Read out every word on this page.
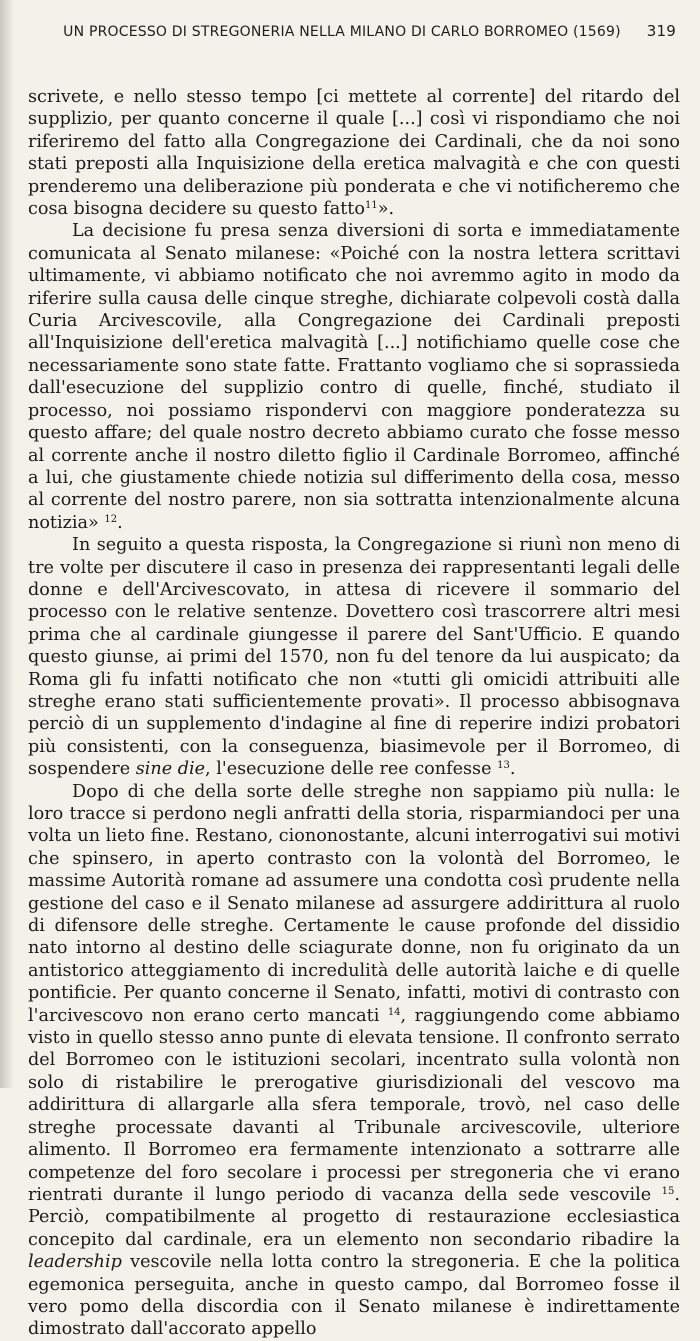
UN PROCESSO DI STREGONERIA NELLA MILANO DI CARLO BORROMEO (1569) 319

scrivete, e nello stesso tempo [ci mettete al corrente] del ritardo del supplizio, per quanto concerne il quale [...] così vi rispondiamo che noi riferiremo del fatto alla Congregazione dei Cardinali, che da noi sono stati preposti alla Inquisizione della eretica malvagità e che con questi prenderemo una deliberazione più ponderata e che vi notificheremo che cosa bisogna decidere su questo fatto$^{11}$».

La decisione fu presa senza diversioni di sorta e immediatamente comunicata al Senato milanese: «Poiché con la nostra lettera scrittavi ultimamente, vi abbiamo notificato che noi avremmo agito in modo da riferire sulla causa delle cinque streghe, dichiarate colpevoli costà dalla Curia Arcivescovile, alla Congregazione dei Cardinali preposti all'Inquisizione dell'eretica malvagità [...] notifichiamo quelle cose che necessariamente sono state fatte. Frattanto vogliamo che si soprassieda dall'esecuzione del supplizio contro di quelle, finché, studiato il processo, noi possiamo rispondervi con maggiore ponderatezza su questo affare; del quale nostro decreto abbiamo curato che fosse messo al corrente anche il nostro diletto figlio il Cardinale Borromeo, affinché a lui, che giustamente chiede notizia sul differimento della cosa, messo al corrente del nostro parere, non sia sottratta intenzionalmente alcuna notizia» $^{12}$.

In seguito a questa risposta, la Congregazione si riunì non meno di tre volte per discutere il caso in presenza dei rappresentanti legali delle donne e dell'Arcivescovato, in attesa di ricevere il sommario del processo con le relative sentenze. Dovettero così trascorrere altri mesi prima che al cardinale giungesse il parere del Sant'Ufficio. E quando questo giunse, ai primi del 1570, non fu del tenore da lui auspicato; da Roma gli fu infatti notificato che non «tutti gli omicidi attribuiti alle streghe erano stati sufficientemente provati». Il processo abbisognava perciò di un supplemento d'indagine al fine di reperire indizi probatori più consistenti, con la conseguenza, biasimevole per il Borromeo, di sospendere sine die, l'esecuzione delle ree confesse $^{13}$.

Dopo di che della sorte delle streghe non sappiamo più nulla: le loro tracce si perdono negli anfratti della storia, risparmiandoci per una volta un lieto fine. Restano, ciononostante, alcuni interrogativi sui motivi che spinsero, in aperto contrasto con la volontà del Borromeo, le massime Autorità romane ad assumere una condotta così prudente nella gestione del caso e il Senato milanese ad assurgere addirittura al ruolo di difensore delle streghe. Certamente le cause profonde del dissidio nato intorno al destino delle sciagurate donne, non fu originato da un antistorico atteggiamento di incredulità delle autorità laiche e di quelle pontificie. Per quanto concerne il Senato, infatti, motivi di contrasto con l'arcivescovo non erano certo mancati $^{14}$, raggiungendo come abbiamo visto in quello stesso anno punte di elevata tensione. Il confronto serrato del Borromeo con le istituzioni secolari, incentrato sulla volontà non solo di ristabilire le prerogative giurisdizionali del vescovo ma addirittura di allargarle alla sfera temporale, trovò, nel caso delle streghe processate davanti al Tribunale arcivescovile, ulteriore alimento. Il Borromeo era fermamente intenzionato a sottrarre alle competenze del foro secolare i processi per stregoneria che vi erano rientrati durante il lungo periodo di vacanza della sede vescovile $^{15}$. Perciò, compatibilmente al progetto di restaurazione ecclesiastica concepito dal cardinale, era un elemento non secondario ribadire la leadership vescovile nella lotta contro la stregoneria. E che la politica egemonica perseguita, anche in questo campo, dal Borromeo fosse il vero pomo della discordia con il Senato milanese è indirettamente dimostrato dall'accorato appello
